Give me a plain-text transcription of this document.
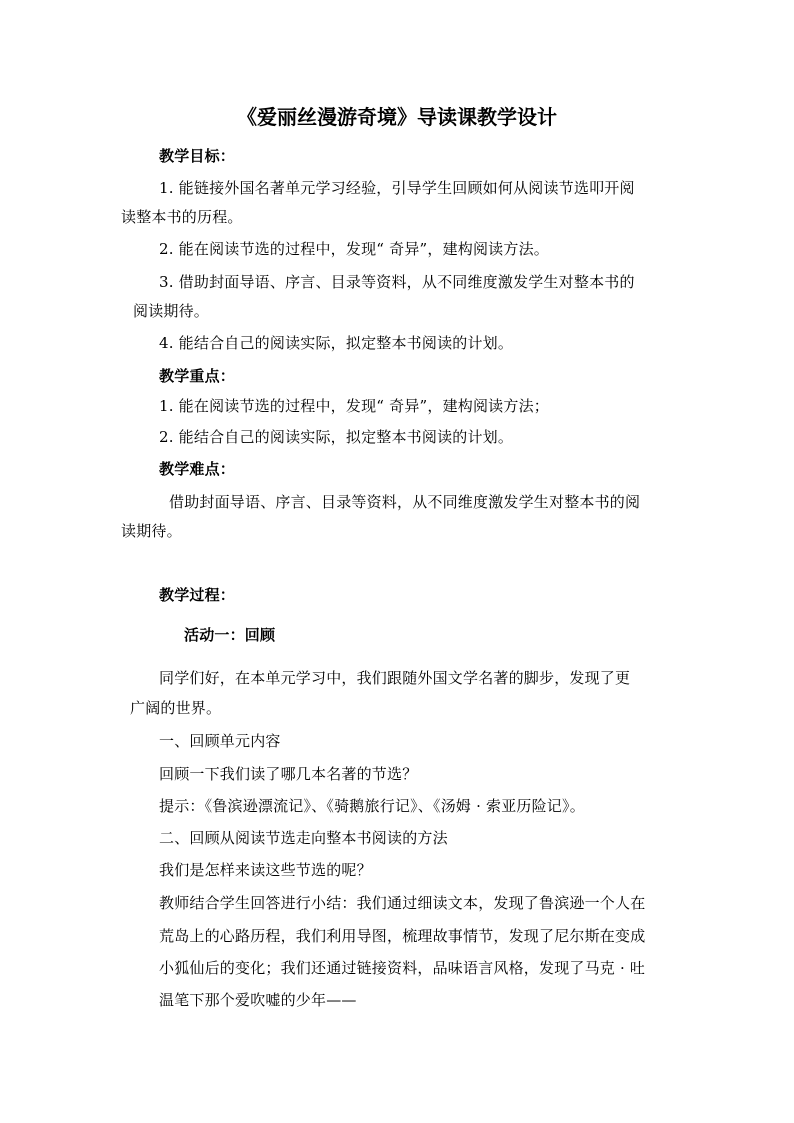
《爱丽丝漫游奇境》导读课教学设计
教学目标：
1. 能链接外国名著单元学习经验，引导学生回顾如何从阅读节选叩开阅
读整本书的历程。
2. 能在阅读节选的过程中，发现“ 奇异”，建构阅读方法。
3. 借助封面导语、序言、目录等资料，从不同维度激发学生对整本书的
阅读期待。
4. 能结合自己的阅读实际，拟定整本书阅读的计划。
教学重点：
1. 能在阅读节选的过程中，发现“ 奇异”，建构阅读方法；
2. 能结合自己的阅读实际，拟定整本书阅读的计划。
教学难点：
借助封面导语、序言、目录等资料，从不同维度激发学生对整本书的阅
读期待。
教学过程：
活动一：回顾
同学们好，在本单元学习中，我们跟随外国文学名著的脚步，发现了更
广阔的世界。
一、回顾单元内容
回顾一下我们读了哪几本名著的节选？
提示：《鲁滨逊漂流记》、《骑鹅旅行记》、《汤姆 · 索亚历险记》。
二、回顾从阅读节选走向整本书阅读的方法
我们是怎样来读这些节选的呢？
教师结合学生回答进行小结：我们通过细读文本，发现了鲁滨逊一个人在
荒岛上的心路历程，我们利用导图，梳理故事情节，发现了尼尔斯在变成
小狐仙后的变化；我们还通过链接资料，品味语言风格，发现了马克 · 吐
温笔下那个爱吹嘘的少年——
